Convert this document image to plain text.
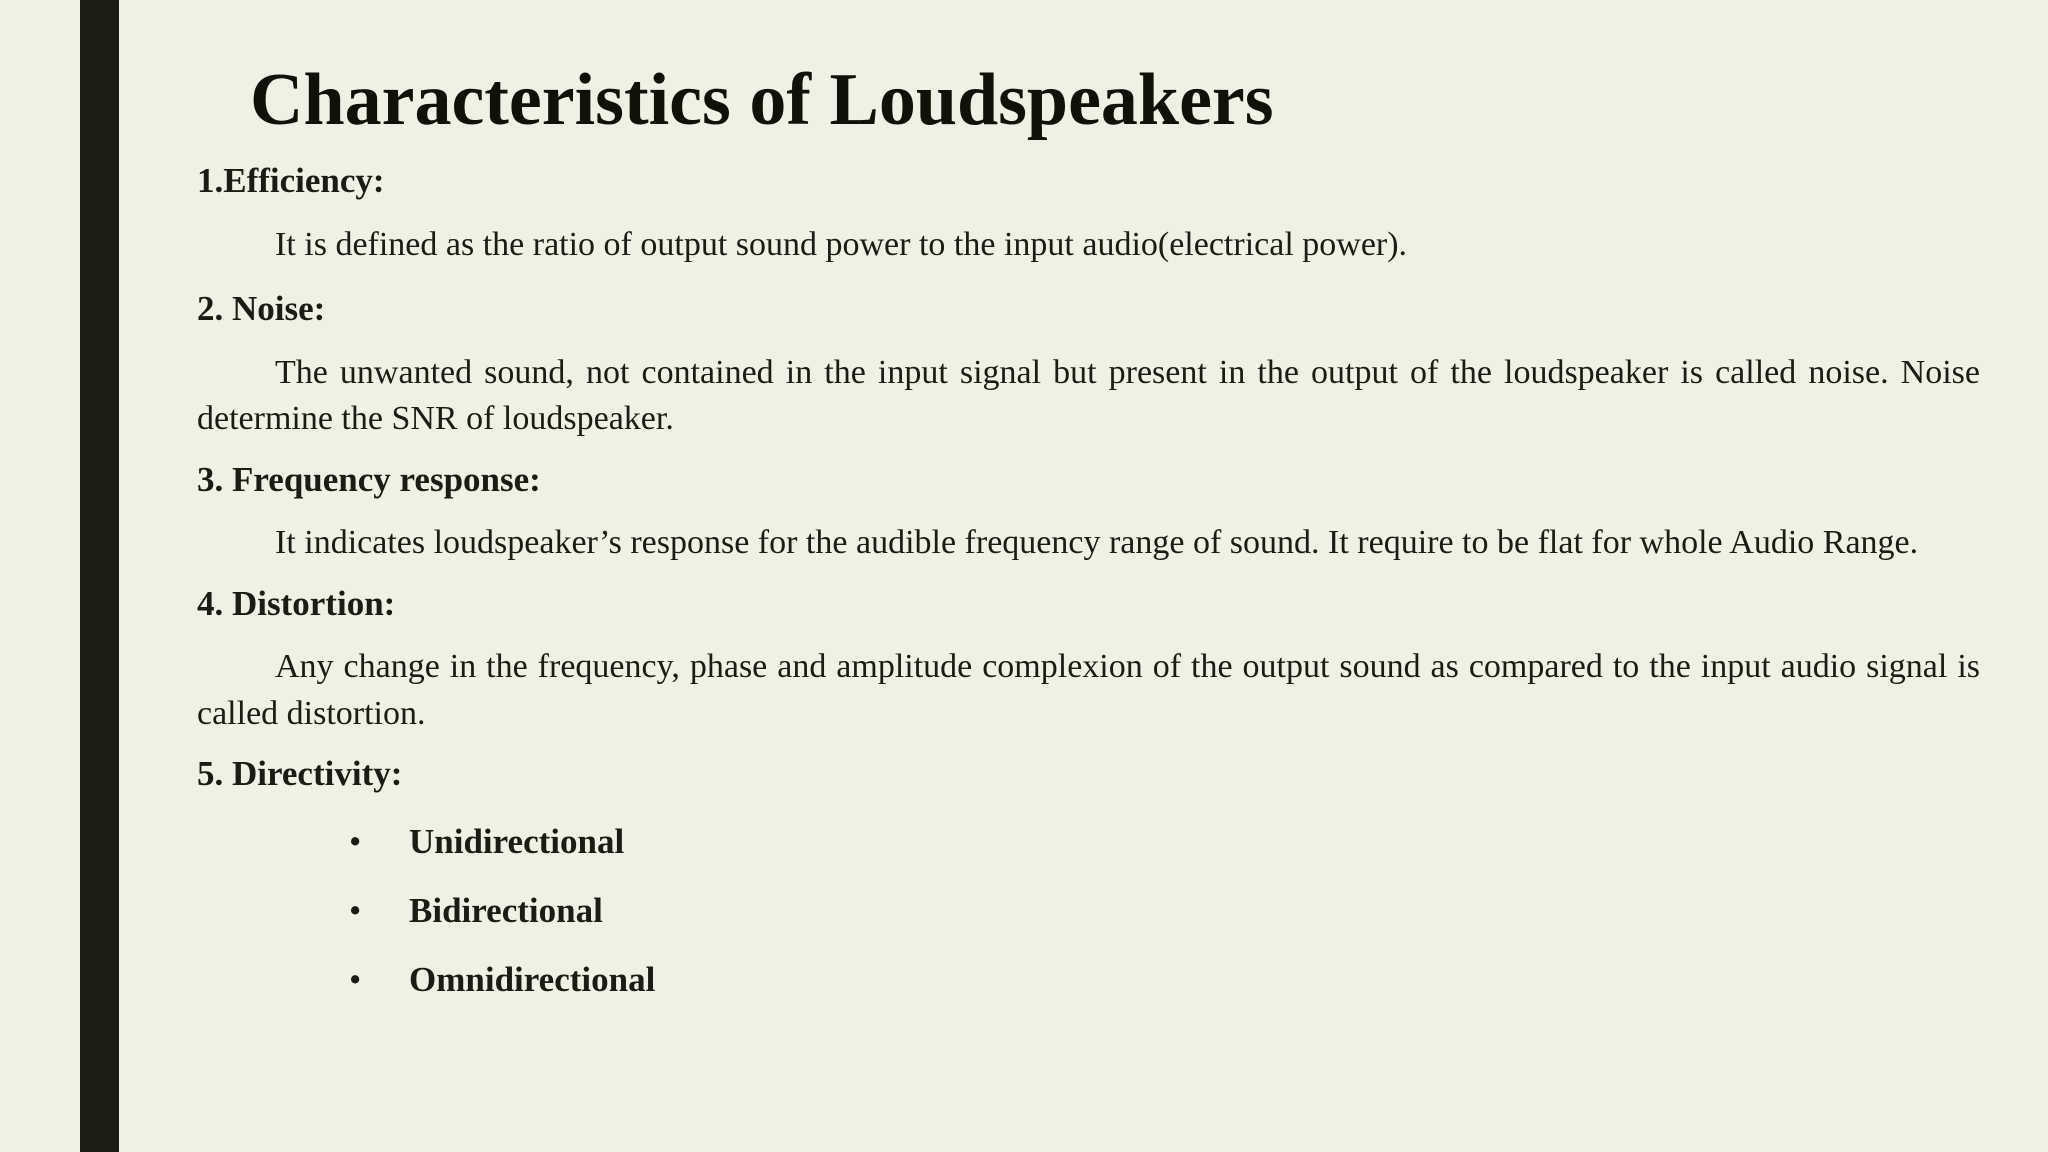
Characteristics of Loudspeakers

1.Efficiency:

It is defined as the ratio of output sound power to the input audio(electrical power).

2. Noise:

The unwanted sound, not contained in the input signal but present in the output of the loudspeaker is called noise. Noise determine the SNR of loudspeaker.

3. Frequency response:

It indicates loudspeaker’s response for the audible frequency range of sound. It require to be flat for whole Audio Range.

4. Distortion:

Any change in the frequency, phase and amplitude complexion of the output sound as compared to the input audio signal is called distortion.

5. Directivity:

• Unidirectional
• Bidirectional
• Omnidirectional
